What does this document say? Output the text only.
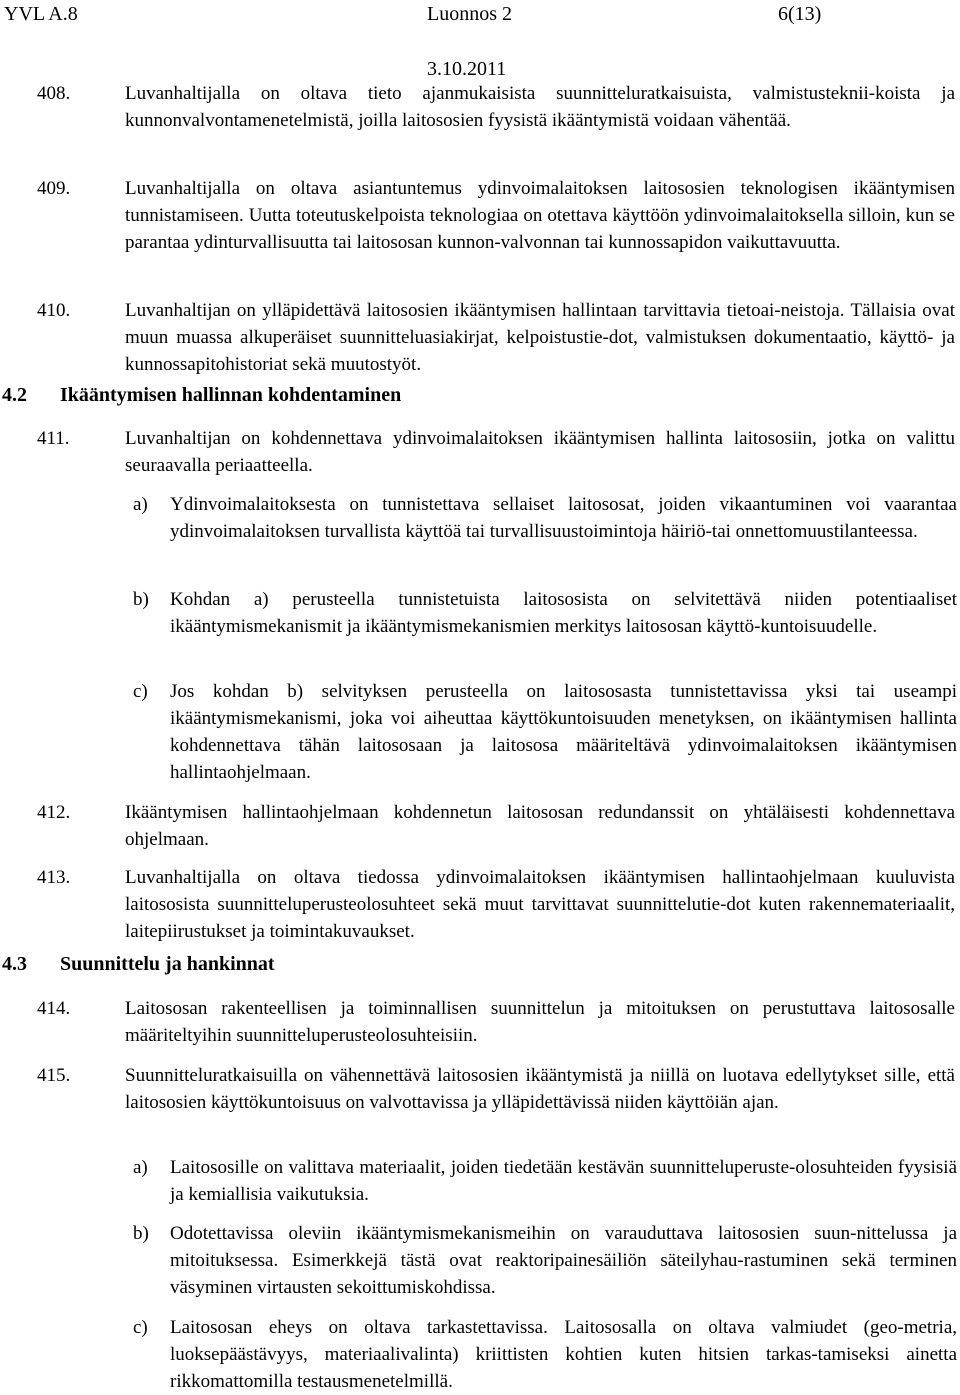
YVL A.8	Luonnos 2	6(13)
3.10.2011
408.	Luvanhaltijalla on oltava tieto ajanmukaisista suunnitteluratkaisuista, valmistusteknii-koista ja kunnonvalvontamenetelmistä, joilla laitososien fyysistä ikääntymistä voidaan vähentää.
409.	Luvanhaltijalla on oltava asiantuntemus ydinvoimalaitoksen laitososien teknologisen ikääntymisen tunnistamiseen. Uutta toteutuskelpoista teknologiaa on otettava käyttöön ydinvoimalaitoksella silloin, kun se parantaa ydinturvallisuutta tai laitososan kunnon-valvonnan tai kunnossapidon vaikuttavuutta.
410.	Luvanhaltijan on ylläpidettävä laitososien ikääntymisen hallintaan tarvittavia tietoai-neistoja. Tällaisia ovat muun muassa alkuperäiset suunnitteluasiakirjat, kelpoistustie-dot, valmistuksen dokumentaatio, käyttö- ja kunnossapitohistoriat sekä muutostyöt.
4.2 Ikääntymisen hallinnan kohdentaminen
411.	Luvanhaltijan on kohdennettava ydinvoimalaitoksen ikääntymisen hallinta laitososiin, jotka on valittu seuraavalla periaatteella.
a) Ydinvoimalaitoksesta on tunnistettava sellaiset laitososat, joiden vikaantuminen voi vaarantaa ydinvoimalaitoksen turvallista käyttöä tai turvallisuustoimintoja häiriö-tai onnettomuustilanteessa.
b) Kohdan a) perusteella tunnistetuista laitososista on selvitettävä niiden potentiaaliset ikääntymismekanismit ja ikääntymismekanismien merkitys laitososan käyttö-kuntoisuudelle.
c) Jos kohdan b) selvityksen perusteella on laitososasta tunnistettavissa yksi tai useampi ikääntymismekanismi, joka voi aiheuttaa käyttökuntoisuuden menetyksen, on ikääntymisen hallinta kohdennettava tähän laitososaan ja laitososa määriteltävä ydinvoimalaitoksen ikääntymisen hallintaohjelmaan.
412.	Ikääntymisen hallintaohjelmaan kohdennetun laitososan redundanssit on yhtäläisesti kohdennettava ohjelmaan.
413.	Luvanhaltijalla on oltava tiedossa ydinvoimalaitoksen ikääntymisen hallintaohjelmaan kuuluvista laitososista suunnitteluperusteolosuhteet sekä muut tarvittavat suunnittelutie-dot kuten rakennemateriaalit, laitepiirustukset ja toimintakuvaukset.
4.3 Suunnittelu ja hankinnat
414.	Laitososan rakenteellisen ja toiminnallisen suunnittelun ja mitoituksen on perustuttava laitososalle määriteltyihin suunnitteluperusteolosuhteisiin.
415.	Suunnitteluratkaisuilla on vähennettävä laitososien ikääntymistä ja niillä on luotava edellytykset sille, että laitososien käyttökuntoisuus on valvottavissa ja ylläpidettävissä niiden käyttöiän ajan.
a) Laitososille on valittava materiaalit, joiden tiedetään kestävän suunnitteluperuste-olosuhteiden fyysisiä ja kemiallisia vaikutuksia.
b) Odotettavissa oleviin ikääntymismekanismeihin on varauduttava laitososien suun-nittelussa ja mitoituksessa. Esimerkkejä tästä ovat reaktoripainesäiliön säteilyhau-rastuminen sekä terminen väsyminen virtausten sekoittumiskohdissa.
c) Laitososan eheys on oltava tarkastettavissa. Laitososalla on oltava valmiudet (geo-metria, luoksepäästävyys, materiaalivalinta) kriittisten kohtien kuten hitsien tarkas-tamiseksi ainetta rikkomattomilla testausmenetelmillä.
